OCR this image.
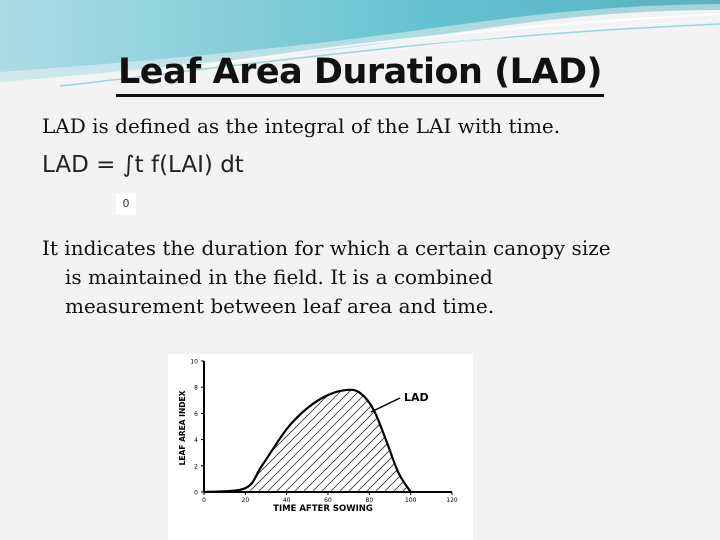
Leaf Area Duration (LAD)
LAD is defined as the integral of the LAI with time.
LAD = ∫t f(LAI) dt
0
It indicates the duration for which a certain canopy size
is maintained in the field. It is a combined
measurement between leaf area and time.
0
2
4
6
8
10
0	20	40	60	80	100	120
LAD
LEAF AREA INDEX
TIME AFTER SOWING
